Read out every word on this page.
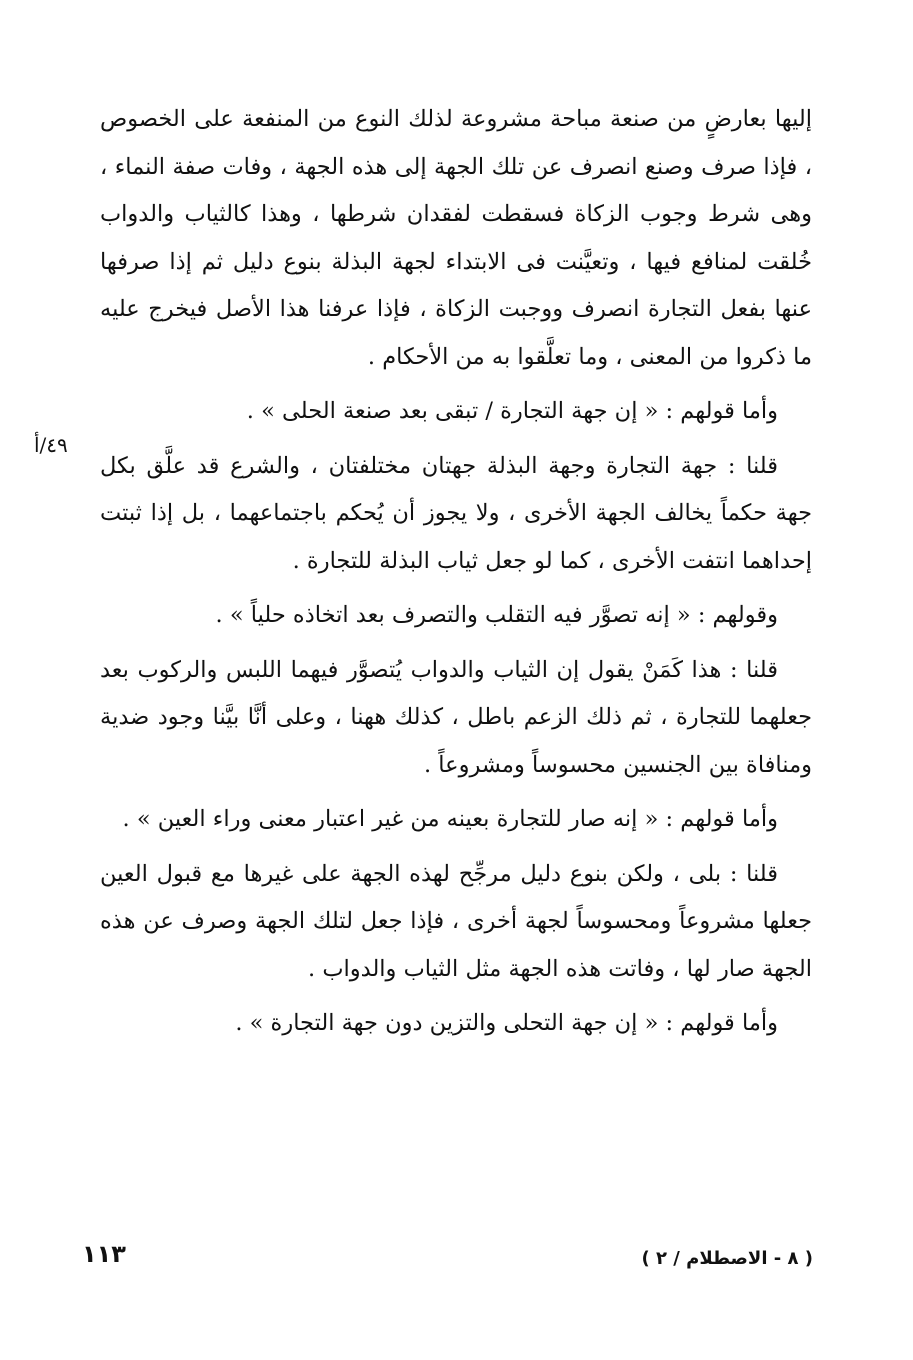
٤٩/أ

إليها بعارضٍ من صنعة مباحة مشروعة لذلك النوع من المنفعة على الخصوص ، فإذا صرف وصنع انصرف عن تلك الجهة إلى هذه الجهة ، وفات صفة النماء ، وهى شرط وجوب الزكاة فسقطت لفقدان شرطها ، وهذا كالثياب والدواب خُلقت لمنافع فيها ، وتعيَّنت فى الابتداء لجهة البذلة بنوع دليل ثم إذا صرفها عنها بفعل التجارة انصرف ووجبت الزكاة ، فإذا عرفنا هذا الأصل فيخرج عليه ما ذكروا من المعنى ، وما تعلَّقوا به من الأحكام .

وأما قولهم : « إن جهة التجارة / تبقى بعد صنعة الحلى » .

قلنا : جهة التجارة وجهة البذلة جهتان مختلفتان ، والشرع قد علَّق بكل جهة حكماً يخالف الجهة الأخرى ، ولا يجوز أن يُحكم باجتماعهما ، بل إذا ثبتت إحداهما انتفت الأخرى ، كما لو جعل ثياب البذلة للتجارة .

وقولهم : « إنه تصوَّر فيه التقلب والتصرف بعد اتخاذه حلياً » .

قلنا : هذا كَمَنْ يقول إن الثياب والدواب يُتصوَّر فيهما اللبس والركوب بعد جعلهما للتجارة ، ثم ذلك الزعم باطل ، كذلك ههنا ، وعلى أنَّا بيَّنا وجود ضدية ومنافاة بين الجنسين محسوساً ومشروعاً .

وأما قولهم : « إنه صار للتجارة بعينه من غير اعتبار معنى وراء العين » .

قلنا : بلى ، ولكن بنوع دليل مرجِّح لهذه الجهة على غيرها مع قبول العين جعلها مشروعاً ومحسوساً لجهة أخرى ، فإذا جعل لتلك الجهة وصرف عن هذه الجهة صار لها ، وفاتت هذه الجهة مثل الثياب والدواب .

وأما قولهم : « إن جهة التحلى والتزين دون جهة التجارة » .

( ٨ - الاصطلام / ٢ )
١١٣
